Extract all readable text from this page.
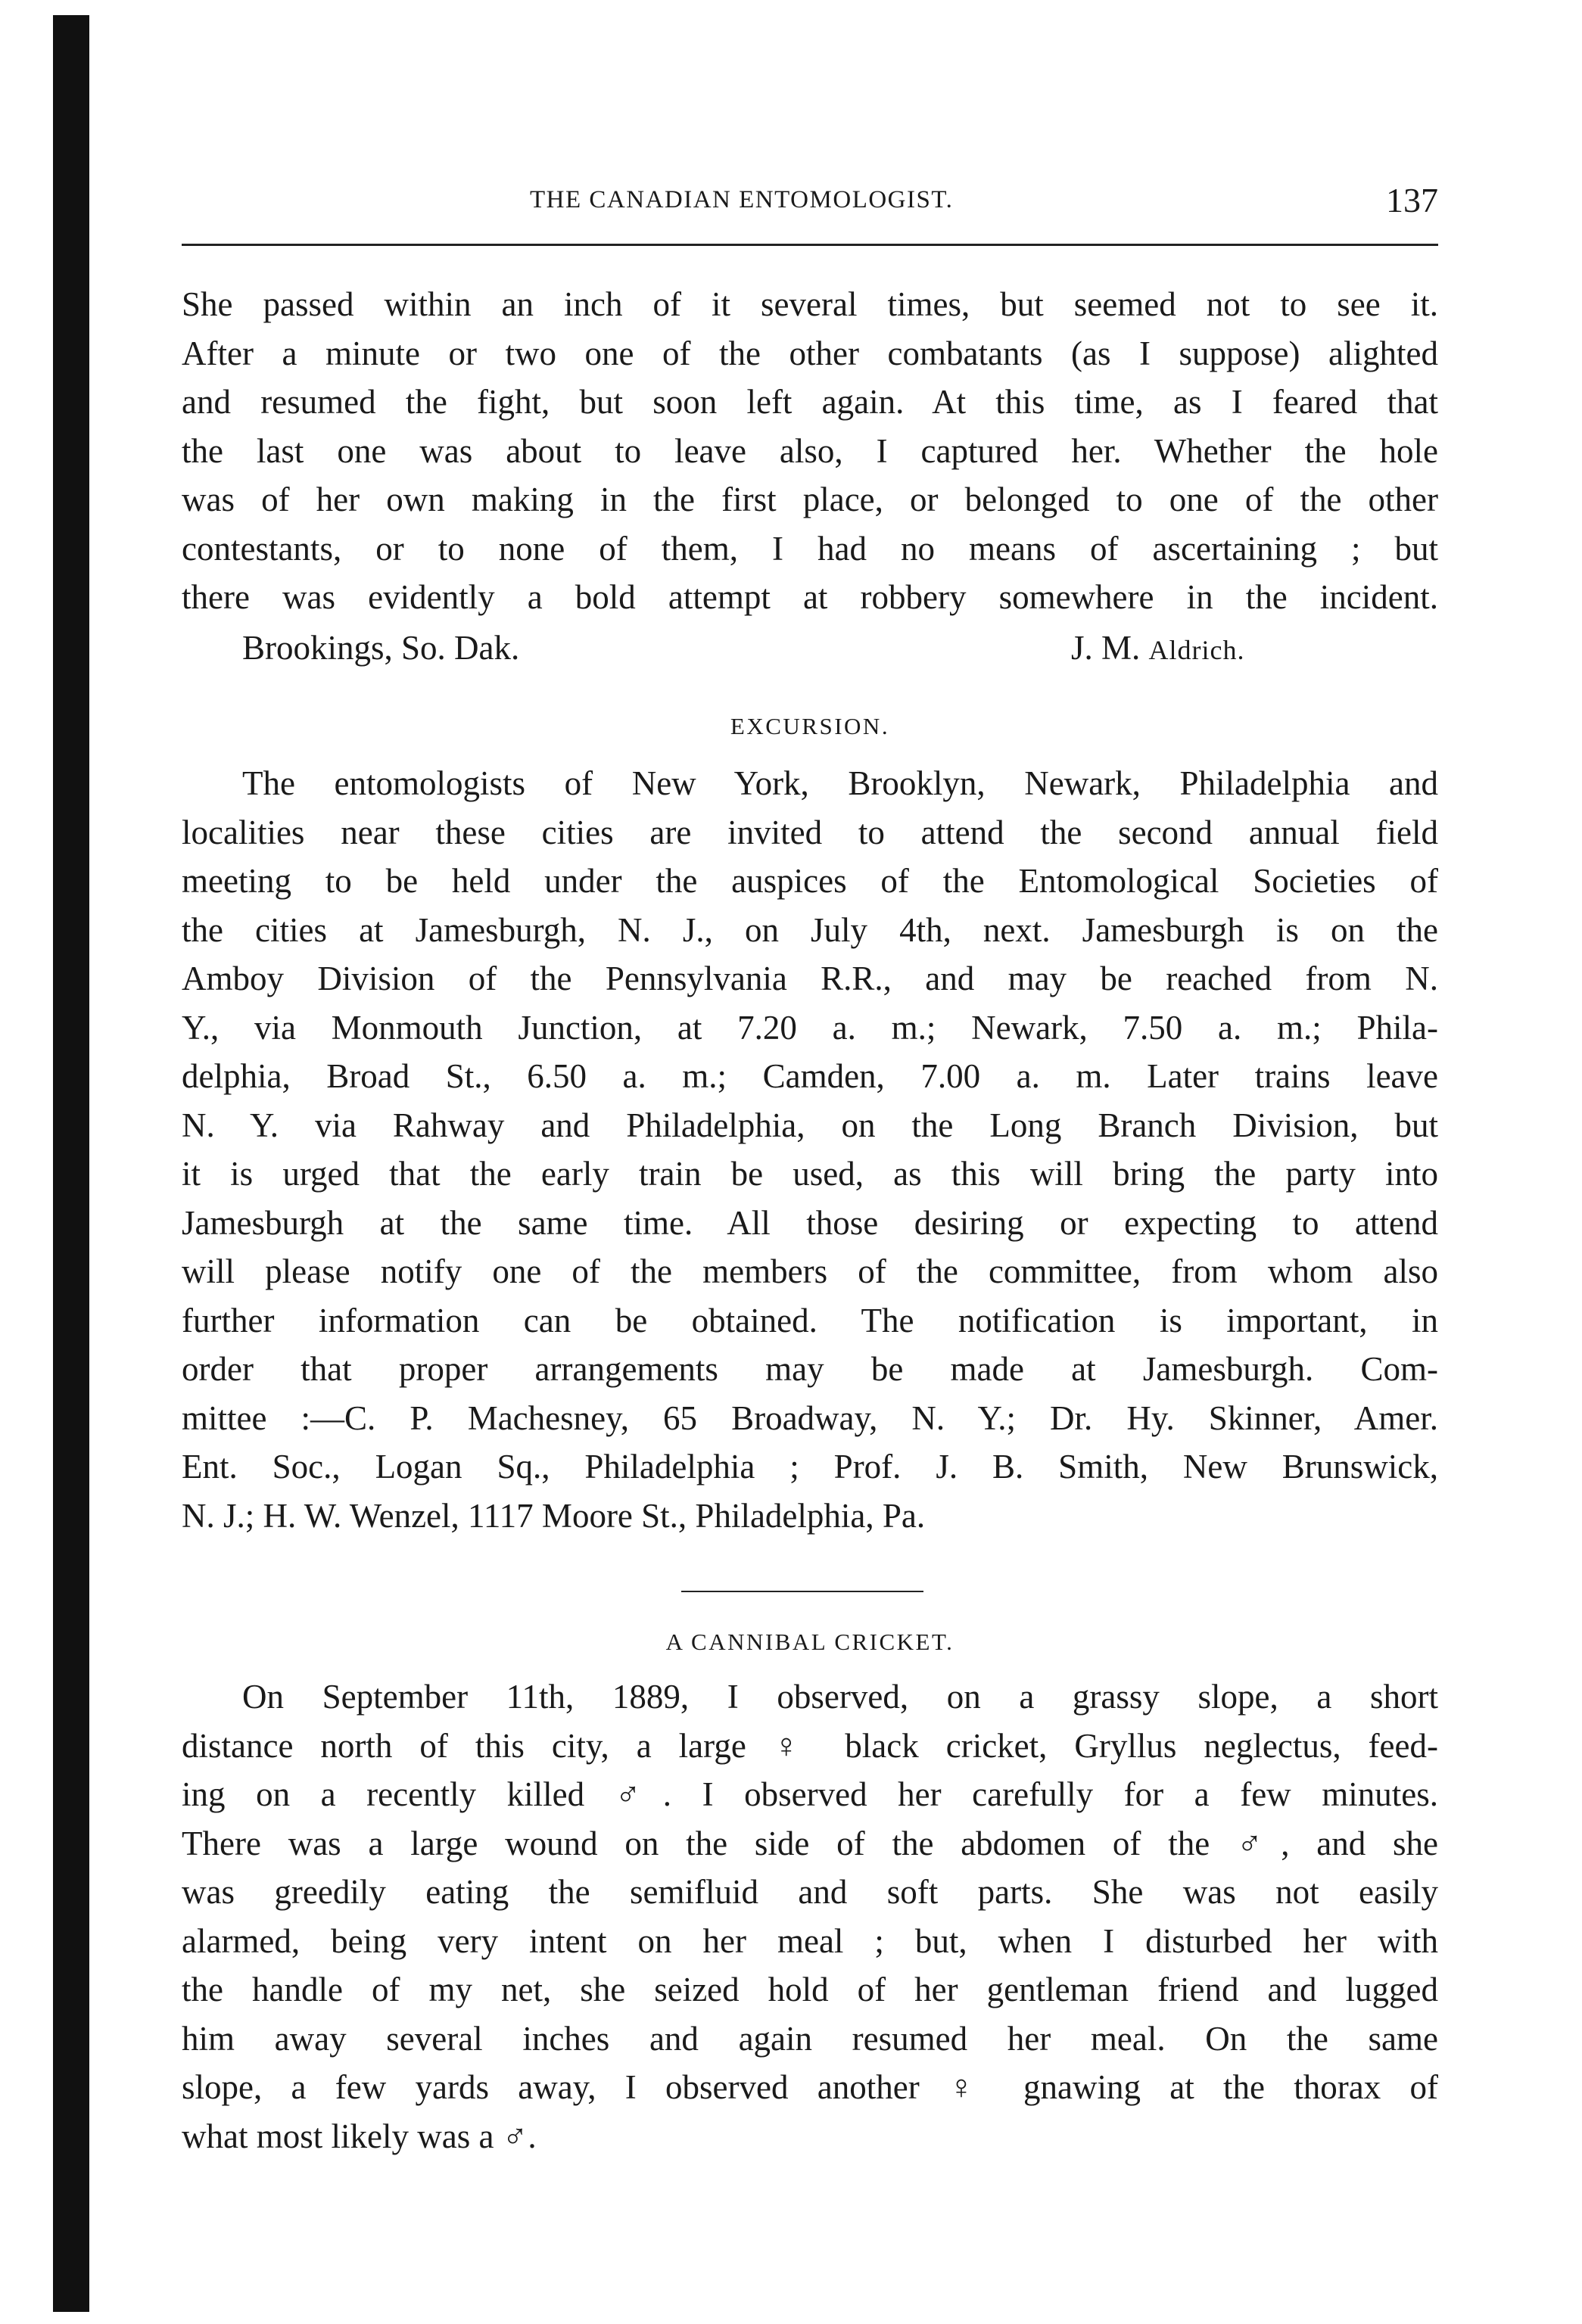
THE CANADIAN ENTOMOLOGIST.	137
She passed within an inch of it several times, but seemed not to see it.
After a minute or two one of the other combatants (as I suppose) alighted
and resumed the fight, but soon left again. At this time, as I feared that
the last one was about to leave also, I captured her. Whether the hole
was of her own making in the first place, or belonged to one of the other
contestants, or to none of them, I had no means of ascertaining ; but
there was evidently a bold attempt at robbery somewhere in the incident.
Brookings, So. Dak.	J. M. Aldrich.
EXCURSION.
The entomologists of New York, Brooklyn, Newark, Philadelphia and
localities near these cities are invited to attend the second annual field
meeting to be held under the auspices of the Entomological Societies of
the cities at Jamesburgh, N. J., on July 4th, next. Jamesburgh is on the
Amboy Division of the Pennsylvania R.R., and may be reached from N.
Y., via Monmouth Junction, at 7.20 a. m.; Newark, 7.50 a. m.; Phila-
delphia, Broad St., 6.50 a. m.; Camden, 7.00 a. m. Later trains leave
N. Y. via Rahway and Philadelphia, on the Long Branch Division, but
it is urged that the early train be used, as this will bring the party into
Jamesburgh at the same time. All those desiring or expecting to attend
will please notify one of the members of the committee, from whom also
further information can be obtained. The notification is important, in
order that proper arrangements may be made at Jamesburgh. Com-
mittee :—C. P. Machesney, 65 Broadway, N. Y.; Dr. Hy. Skinner, Amer.
Ent. Soc., Logan Sq., Philadelphia ; Prof. J. B. Smith, New Brunswick,
N. J.; H. W. Wenzel, 1117 Moore St., Philadelphia, Pa.
A CANNIBAL CRICKET.
On September 11th, 1889, I observed, on a grassy slope, a short
distance north of this city, a large ♀ black cricket, Gryllus neglectus, feed-
ing on a recently killed ♂. I observed her carefully for a few minutes.
There was a large wound on the side of the abdomen of the ♂, and she
was greedily eating the semifluid and soft parts. She was not easily
alarmed, being very intent on her meal ; but, when I disturbed her with
the handle of my net, she seized hold of her gentleman friend and lugged
him away several inches and again resumed her meal. On the same
slope, a few yards away, I observed another ♀ gnawing at the thorax of
what most likely was a ♂.
